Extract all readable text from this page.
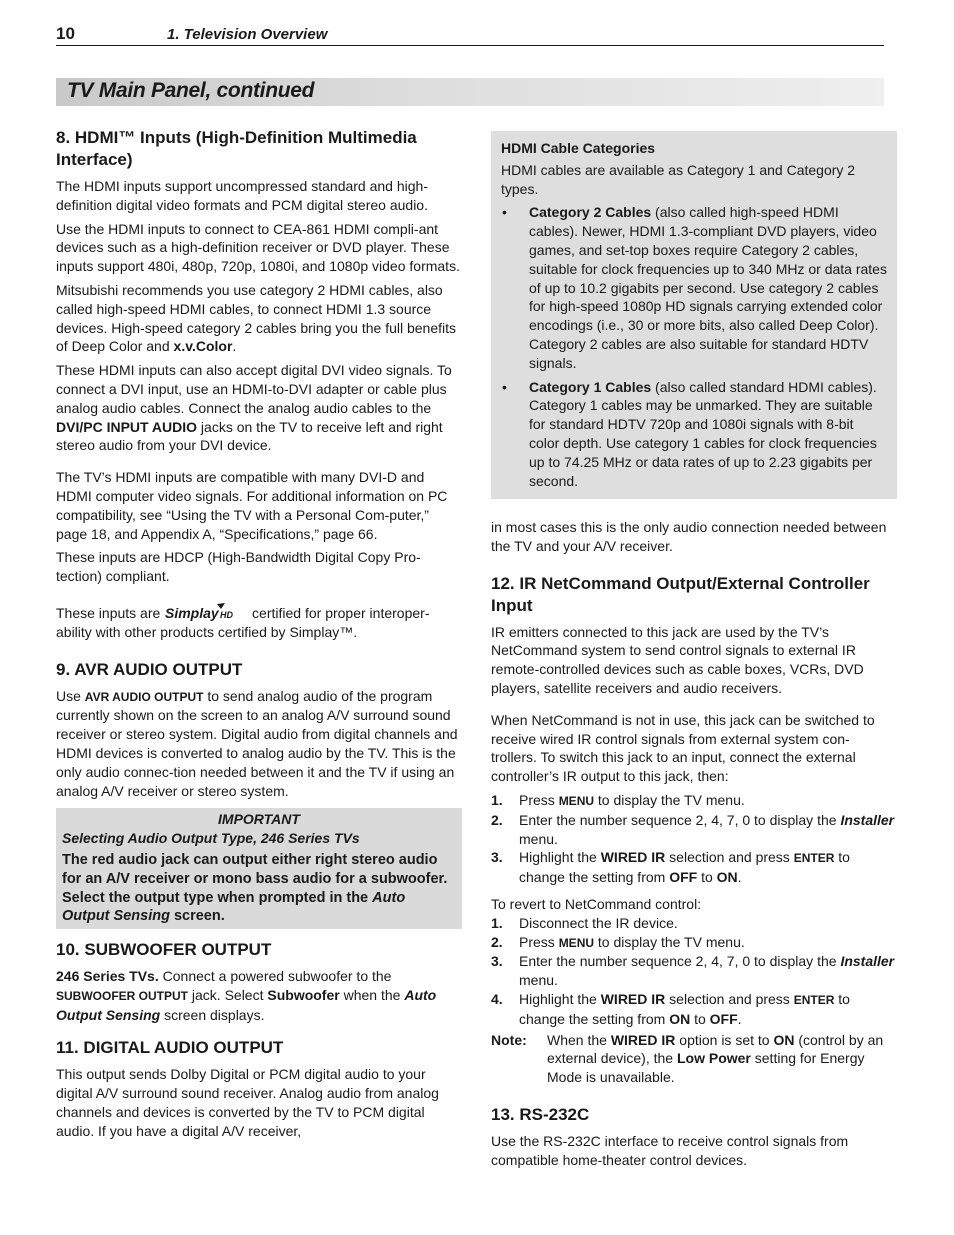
10	1. Television Overview
TV Main Panel, continued
8. HDMI™ Inputs (High-Definition Multimedia Interface)

The HDMI inputs support uncompressed standard and high-definition digital video formats and PCM digital stereo audio.

Use the HDMI inputs to connect to CEA-861 HDMI compli-ant devices such as a high-definition receiver or DVD player. These inputs support 480i, 480p, 720p, 1080i, and 1080p video formats.

Mitsubishi recommends you use category 2 HDMI cables, also called high-speed HDMI cables, to connect HDMI 1.3 source devices. High-speed category 2 cables bring you the full benefits of Deep Color and x.v.Color.

These HDMI inputs can also accept digital DVI video signals. To connect a DVI input, use an HDMI-to-DVI adapter or cable plus analog audio cables. Connect the analog audio cables to the DVI/PC INPUT AUDIO jacks on the TV to receive left and right stereo audio from your DVI device.

The TV’s HDMI inputs are compatible with many DVI-D and HDMI computer video signals. For additional information on PC compatibility, see “Using the TV with a Personal Com-puter,” page 18, and Appendix A, “Specifications,” page 66.

These inputs are HDCP (High-Bandwidth Digital Copy Pro-tection) compliant.

These inputs are Simplay HD certified for proper interoper-ability with other products certified by Simplay™.

9. AVR AUDIO OUTPUT

Use AVR AUDIO OUTPUT to send analog audio of the program currently shown on the screen to an analog A/V surround sound receiver or stereo system. Digital audio from digital channels and HDMI devices is converted to analog audio by the TV. This is the only audio connec-tion needed between it and the TV if using an analog A/V receiver or stereo system.

IMPORTANT
Selecting Audio Output Type, 246 Series TVs
The red audio jack can output either right stereo audio for an A/V receiver or mono bass audio for a subwoofer. Select the output type when prompted in the Auto Output Sensing screen.
10. SUBWOOFER OUTPUT

246 Series TVs. Connect a powered subwoofer to the SUBWOOFER OUTPUT jack. Select Subwoofer when the Auto Output Sensing screen displays.

11. DIGITAL AUDIO OUTPUT

This output sends Dolby Digital or PCM digital audio to your digital A/V surround sound receiver. Analog audio from analog channels and devices is converted by the TV to PCM digital audio. If you have a digital A/V receiver,

HDMI Cable Categories

HDMI cables are available as Category 1 and Category 2 types.

• Category 2 Cables (also called high-speed HDMI cables). Newer, HDMI 1.3-compliant DVD players, video games, and set-top boxes require Category 2 cables, suitable for clock frequencies up to 340 MHz or data rates of up to 10.2 gigabits per second. Use category 2 cables for high-speed 1080p HD signals carrying extended color encodings (i.e., 30 or more bits, also called Deep Color). Category 2 cables are also suitable for standard HDTV signals.
• Category 1 Cables (also called standard HDMI cables). Category 1 cables may be unmarked. They are suitable for standard HDTV 720p and 1080i signals with 8-bit color depth. Use category 1 cables for clock frequencies up to 74.25 MHz or data rates of up to 2.23 gigabits per second.

in most cases this is the only audio connection needed between the TV and your A/V receiver.

12. IR NetCommand Output/External Controller Input

IR emitters connected to this jack are used by the TV’s NetCommand system to send control signals to external IR remote-controlled devices such as cable boxes, VCRs, DVD players, satellite receivers and audio receivers.

When NetCommand is not in use, this jack can be switched to receive wired IR control signals from external system con-trollers. To switch this jack to an input, connect the external controller’s IR output to this jack, then:

1. Press MENU to display the TV menu.
2. Enter the number sequence 2, 4, 7, 0 to display the Installer menu.
3. Highlight the WIRED IR selection and press ENTER to change the setting from OFF to ON.

To revert to NetCommand control:

1. Disconnect the IR device.
2. Press MENU to display the TV menu.
3. Enter the number sequence 2, 4, 7, 0 to display the Installer menu.
4. Highlight the WIRED IR selection and press ENTER to change the setting from ON to OFF.
Note: When the WIRED IR option is set to ON (control by an external device), the Low Power setting for Energy Mode is unavailable.
13. RS-232C

Use the RS-232C interface to receive control signals from compatible home-theater control devices.
